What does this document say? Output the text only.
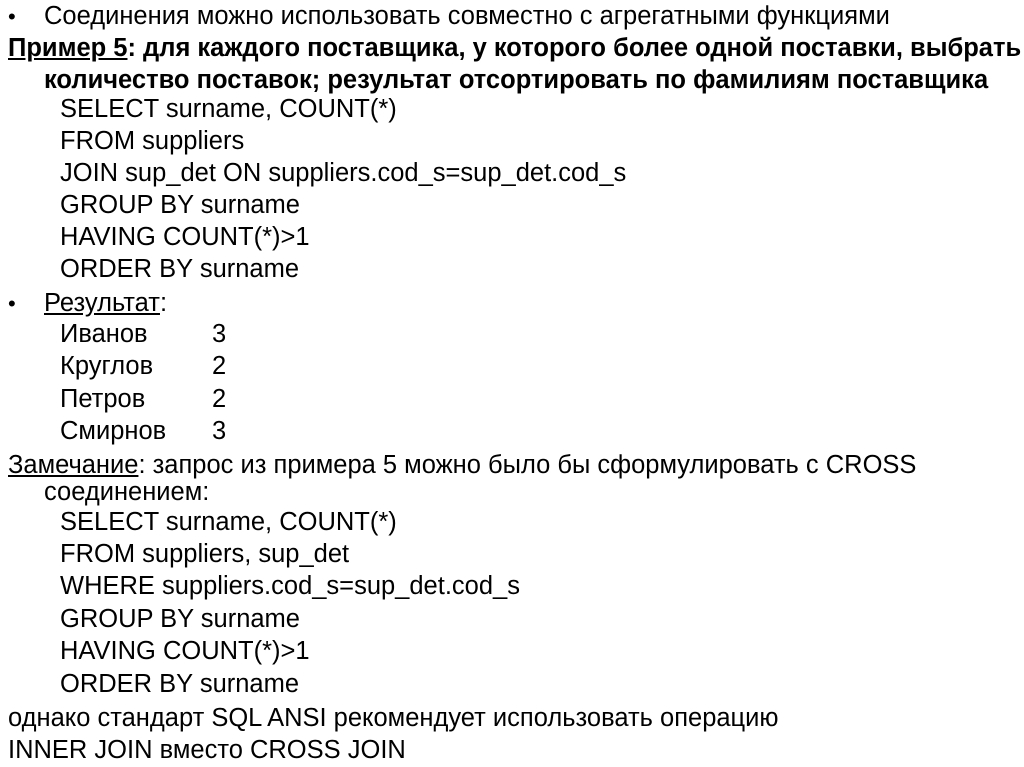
• Соединения можно использовать совместно с агрегатными функциями
Пример 5: для каждого поставщика, у которого более одной поставки, выбрать
количество поставок; результат отсортировать по фамилиям поставщика
SELECT surname, COUNT(*)
FROM suppliers
JOIN sup_det ON suppliers.cod_s=sup_det.cod_s
GROUP BY surname
HAVING COUNT(*)>1
ORDER BY surname
• Результат:
Иванов	3
Круглов 2
Петров	2
Смирнов 3
Замечание: запрос из примера 5 можно было бы сформулировать с CROSS
соединением:
SELECT surname, COUNT(*)
FROM suppliers, sup_det
WHERE suppliers.cod_s=sup_det.cod_s
GROUP BY surname
HAVING COUNT(*)>1
ORDER BY surname
однако стандарт SQL ANSI рекомендует использовать операцию
INNER JOIN вместо CROSS JOIN
